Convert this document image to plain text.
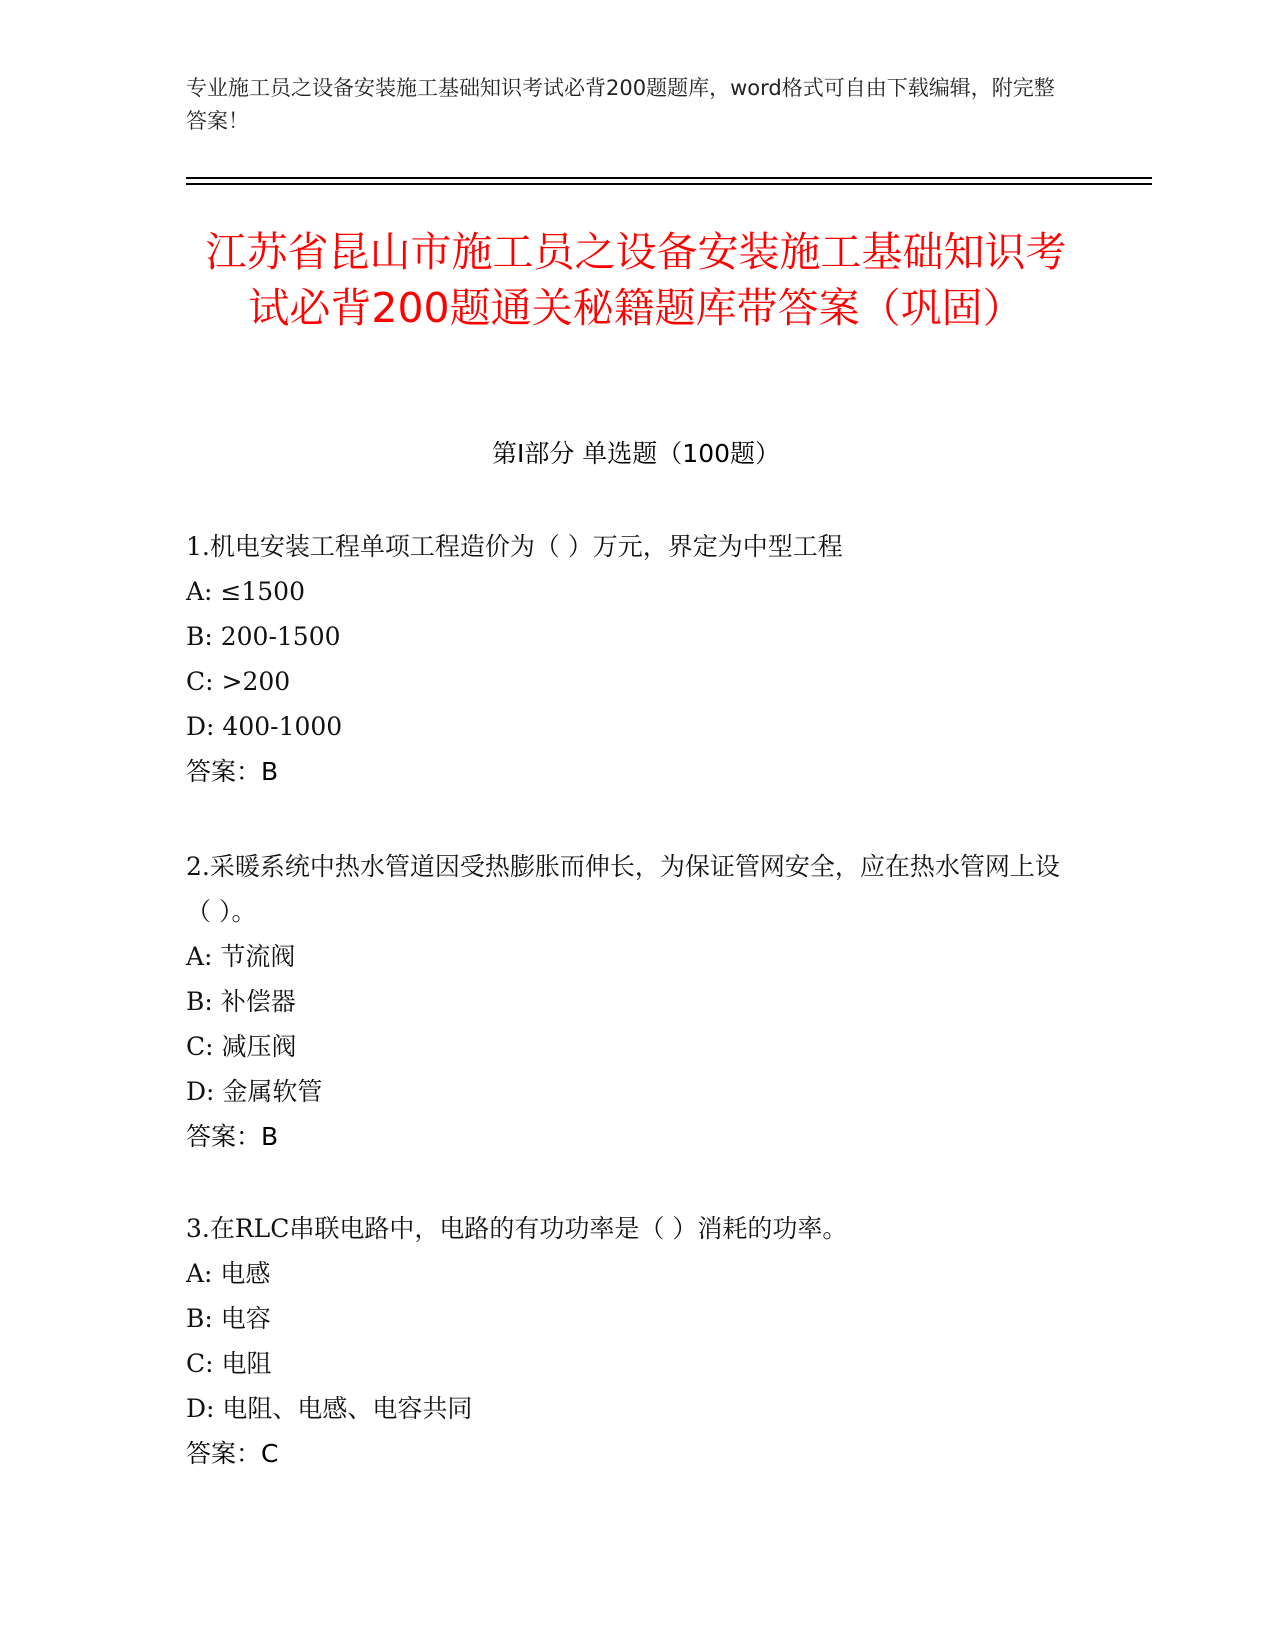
专业施工员之设备安装施工基础知识考试必背200题题库，word格式可自由下载编辑，附完整答案！
江苏省昆山市施工员之设备安装施工基础知识考试必背200题通关秘籍题库带答案（巩固）
第I部分 单选题（100题）
1.机电安装工程单项工程造价为（ ）万元，界定为中型工程
A: ≤1500
B: 200-1500
C: >200
D: 400-1000
答案：B
2.采暖系统中热水管道因受热膨胀而伸长，为保证管网安全，应在热水管网上设（ ）。
A: 节流阀
B: 补偿器
C: 减压阀
D: 金属软管
答案：B
3.在RLC串联电路中，电路的有功功率是（ ）消耗的功率。
A: 电感
B: 电容
C: 电阻
D: 电阻、电感、电容共同
答案：C
